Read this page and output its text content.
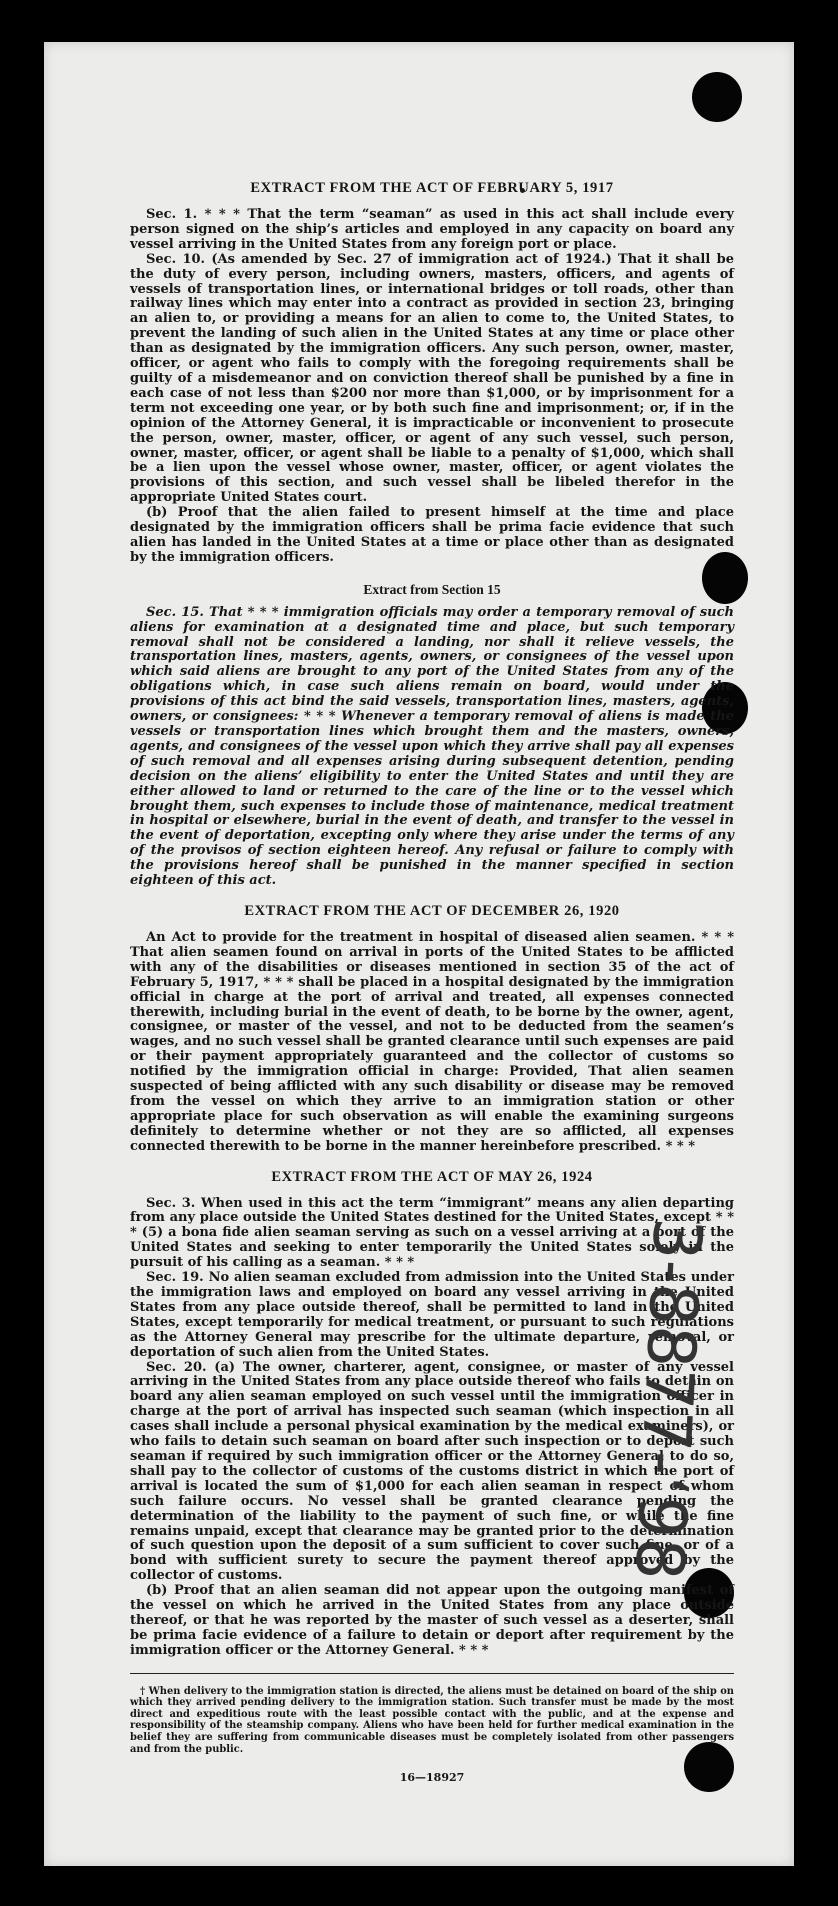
EXTRACT FROM THE ACT OF FEBRUARY 5, 1917

Sec. 1. * * * That the term “seaman” as used in this act shall include every person signed on the ship’s articles and employed in any capacity on board any vessel arriving in the United States from any foreign port or place.

Sec. 10. (As amended by Sec. 27 of immigration act of 1924.) That it shall be the duty of every person, including owners, masters, officers, and agents of vessels of transportation lines, or international bridges or toll roads, other than railway lines which may enter into a contract as provided in section 23, bringing an alien to, or providing a means for an alien to come to, the United States, to prevent the landing of such alien in the United States at any time or place other than as designated by the immigration officers. Any such person, owner, master, officer, or agent who fails to comply with the foregoing requirements shall be guilty of a misdemeanor and on conviction thereof shall be punished by a fine in each case of not less than $200 nor more than $1,000, or by imprisonment for a term not exceeding one year, or by both such fine and imprisonment; or, if in the opinion of the Attorney General, it is impracticable or inconvenient to prosecute the person, owner, master, officer, or agent of any such vessel, such person, owner, master, officer, or agent shall be liable to a penalty of $1,000, which shall be a lien upon the vessel whose owner, master, officer, or agent violates the provisions of this section, and such vessel shall be libeled therefor in the appropriate United States court.

(b) Proof that the alien failed to present himself at the time and place designated by the immigration officers shall be prima facie evidence that such alien has landed in the United States at a time or place other than as designated by the immigration officers.

Extract from Section 15

Sec. 15. That * * * immigration officials may order a temporary removal of such aliens for examination at a designated time and place, but such temporary removal shall not be considered a landing, nor shall it relieve vessels, the transportation lines, masters, agents, owners, or consignees of the vessel upon which said aliens are brought to any port of the United States from any of the obligations which, in case such aliens remain on board, would under the provisions of this act bind the said vessels, transportation lines, masters, agents, owners, or consignees: * * * Whenever a temporary removal of aliens is made the vessels or transportation lines which brought them and the masters, owners, agents, and consignees of the vessel upon which they arrive shall pay all expenses of such removal and all expenses arising during subsequent detention, pending decision on the aliens’ eligibility to enter the United States and until they are either allowed to land or returned to the care of the line or to the vessel which brought them, such expenses to include those of maintenance, medical treatment in hospital or elsewhere, burial in the event of death, and transfer to the vessel in the event of deportation, excepting only where they arise under the terms of any of the provisos of section eighteen hereof. Any refusal or failure to comply with the provisions hereof shall be punished in the manner specified in section eighteen of this act.

EXTRACT FROM THE ACT OF DECEMBER 26, 1920

An Act to provide for the treatment in hospital of diseased alien seamen. * * * That alien seamen found on arrival in ports of the United States to be afflicted with any of the disabilities or diseases mentioned in section 35 of the act of February 5, 1917, * * * shall be placed in a hospital designated by the immigration official in charge at the port of arrival and treated, all expenses connected therewith, including burial in the event of death, to be borne by the owner, agent, consignee, or master of the vessel, and not to be deducted from the seamen’s wages, and no such vessel shall be granted clearance until such expenses are paid or their payment appropriately guaranteed and the collector of customs so notified by the immigration official in charge: Provided, That alien seamen suspected of being afflicted with any such disability or disease may be removed from the vessel on which they arrive to an immigration station or other appropriate place for such observation as will enable the examining surgeons definitely to determine whether or not they are so afflicted, all expenses connected therewith to be borne in the manner hereinbefore prescribed. * * *

EXTRACT FROM THE ACT OF MAY 26, 1924

Sec. 3. When used in this act the term “immigrant” means any alien departing from any place outside the United States destined for the United States, except * * * (5) a bona fide alien seaman serving as such on a vessel arriving at a port of the United States and seeking to enter temporarily the United States solely in the pursuit of his calling as a seaman. * * *

Sec. 19. No alien seaman excluded from admission into the United States under the immigration laws and employed on board any vessel arriving in the United States from any place outside thereof, shall be permitted to land in the United States, except temporarily for medical treatment, or pursuant to such regulations as the Attorney General may prescribe for the ultimate departure, removal, or deportation of such alien from the United States.

Sec. 20. (a) The owner, charterer, agent, consignee, or master of any vessel arriving in the United States from any place outside thereof who fails to detain on board any alien seaman employed on such vessel until the immigration officer in charge at the port of arrival has inspected such seaman (which inspection in all cases shall include a personal physical examination by the medical examiners), or who fails to detain such seaman on board after such inspection or to deport such seaman if required by such immigration officer or the Attorney General to do so, shall pay to the collector of customs of the customs district in which the port of arrival is located the sum of $1,000 for each alien seaman in respect of whom such failure occurs. No vessel shall be granted clearance pending the determination of the liability to the payment of such fine, or while the fine remains unpaid, except that clearance may be granted prior to the determination of such question upon the deposit of a sum sufficient to cover such fine, or of a bond with sufficient surety to secure the payment thereof approved by the collector of customs.

(b) Proof that an alien seaman did not appear upon the outgoing manifest of the vessel on which he arrived in the United States from any place outside thereof, or that he was reported by the master of such vessel as a deserter, shall be prima facie evidence of a failure to detain or deport after requirement by the immigration officer or the Attorney General. * * *

† When delivery to the immigration station is directed, the aliens must be detained on board of the ship on which they arrived pending delivery to the immigration station. Such transfer must be made by the most direct and expeditious route with the least possible contact with the public, and at the expense and responsibility of the steamship company. Aliens who have been held for further medical examination in the belief they are suffering from communicable diseases must be completely isolated from other passengers and from the public.

16—18927
